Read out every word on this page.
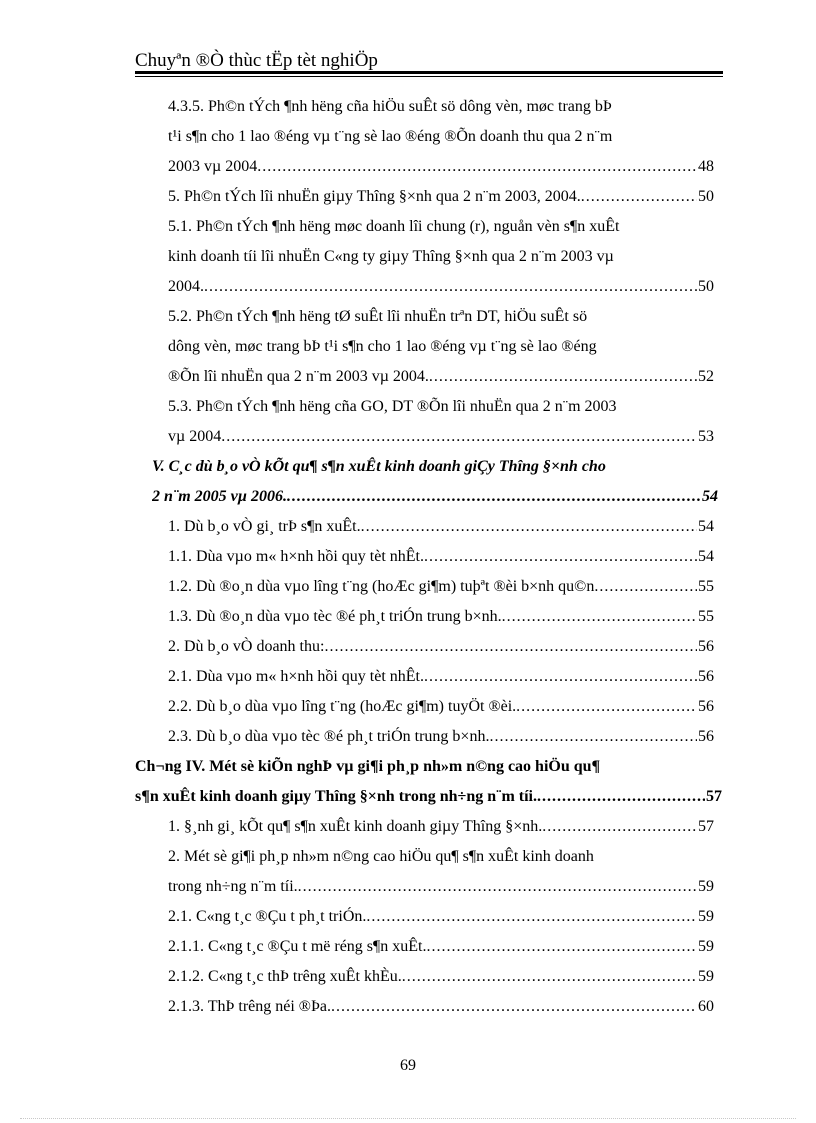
Chuyªn ®Ò thùc tËp tèt nghiÖp
4.3.5. Ph©n tÝch ¶nh hëng cña hiÖu suÊt sö dông vèn, møc trang bÞ
t¹i s¶n cho 1 lao ®éng vµ t¨ng sè lao ®éng ®Õn doanh thu qua 2 n¨m
2003 vµ 2004 .....	48
5. Ph©n tÝch lîi nhuËn giµy Thîng §×nh qua 2 n¨m 2003, 2004. .....	50
5.1. Ph©n tÝch ¶nh hëng møc doanh lîi chung (r), nguån vèn s¶n xuÊt
kinh doanh tíi lîi nhuËn C«ng ty giµy Thîng §×nh qua 2 n¨m 2003 vµ
2004. .....	50
5.2. Ph©n tÝch ¶nh hëng tØ suÊt lîi nhuËn trªn DT, hiÖu suÊt sö
dông vèn, møc trang bÞ t¹i s¶n cho 1 lao ®éng vµ t¨ng sè lao ®éng
®Õn lîi nhuËn qua 2 n¨m 2003 vµ 2004. .....	52
5.3. Ph©n tÝch ¶nh hëng cña GO, DT ®Õn lîi nhuËn qua 2 n¨m 2003
vµ 2004 .....	53
V. C¸c dù b¸o vÒ kÕt qu¶ s¶n xuÊt kinh doanh giÇy Thîng §×nh cho
2 n¨m 2005 vµ 2006. .....	54
1. Dù b¸o vÒ gi¸ trÞ s¶n xuÊt. .....	54
1.1. Dùa vµo m« h×nh hồi quy tèt nhÊt. .....	54
1.2. Dù ®o¸n dùa vµo lîng t¨ng (hoÆc gi¶m) tuþªt ®èi b×nh qu©n .....	55
1.3. Dù ®o¸n dùa vµo tèc ®é ph¸t triÓn trung b×nh. .....	55
2. Dù b¸o vÒ doanh thu: .....	56
2.1. Dùa vµo m« h×nh hồi quy tèt nhÊt. .....	56
2.2. Dù b¸o dùa vµo lîng t¨ng (hoÆc gi¶m) tuyÖt ®èi. .....	56
2.3. Dù b¸o dùa vµo tèc ®é ph¸t triÓn trung b×nh. .....	56
Ch¬ng IV. Mét sè kiÕn nghÞ vµ gi¶i ph¸p nh»m n©ng cao hiÖu qu¶
s¶n xuÊt kinh doanh giµy Thîng §×nh trong nh÷ng n¨m tíi. .....	57
1. §¸nh gi¸ kÕt qu¶ s¶n xuÊt kinh doanh giµy Thîng §×nh. .....	57
2. Mét sè gi¶i ph¸p nh»m n©ng cao hiÖu qu¶ s¶n xuÊt kinh doanh
trong nh÷ng n¨m tíi. .....	59
2.1. C«ng t¸c ®Çu t ph¸t triÓn. .....	59
2.1.1. C«ng t¸c ®Çu t më réng s¶n xuÊt. .....	59
2.1.2. C«ng t¸c thÞ trêng xuÊt khÈu. .....	59
2.1.3. ThÞ trêng néi ®Þa. .....	60
69
